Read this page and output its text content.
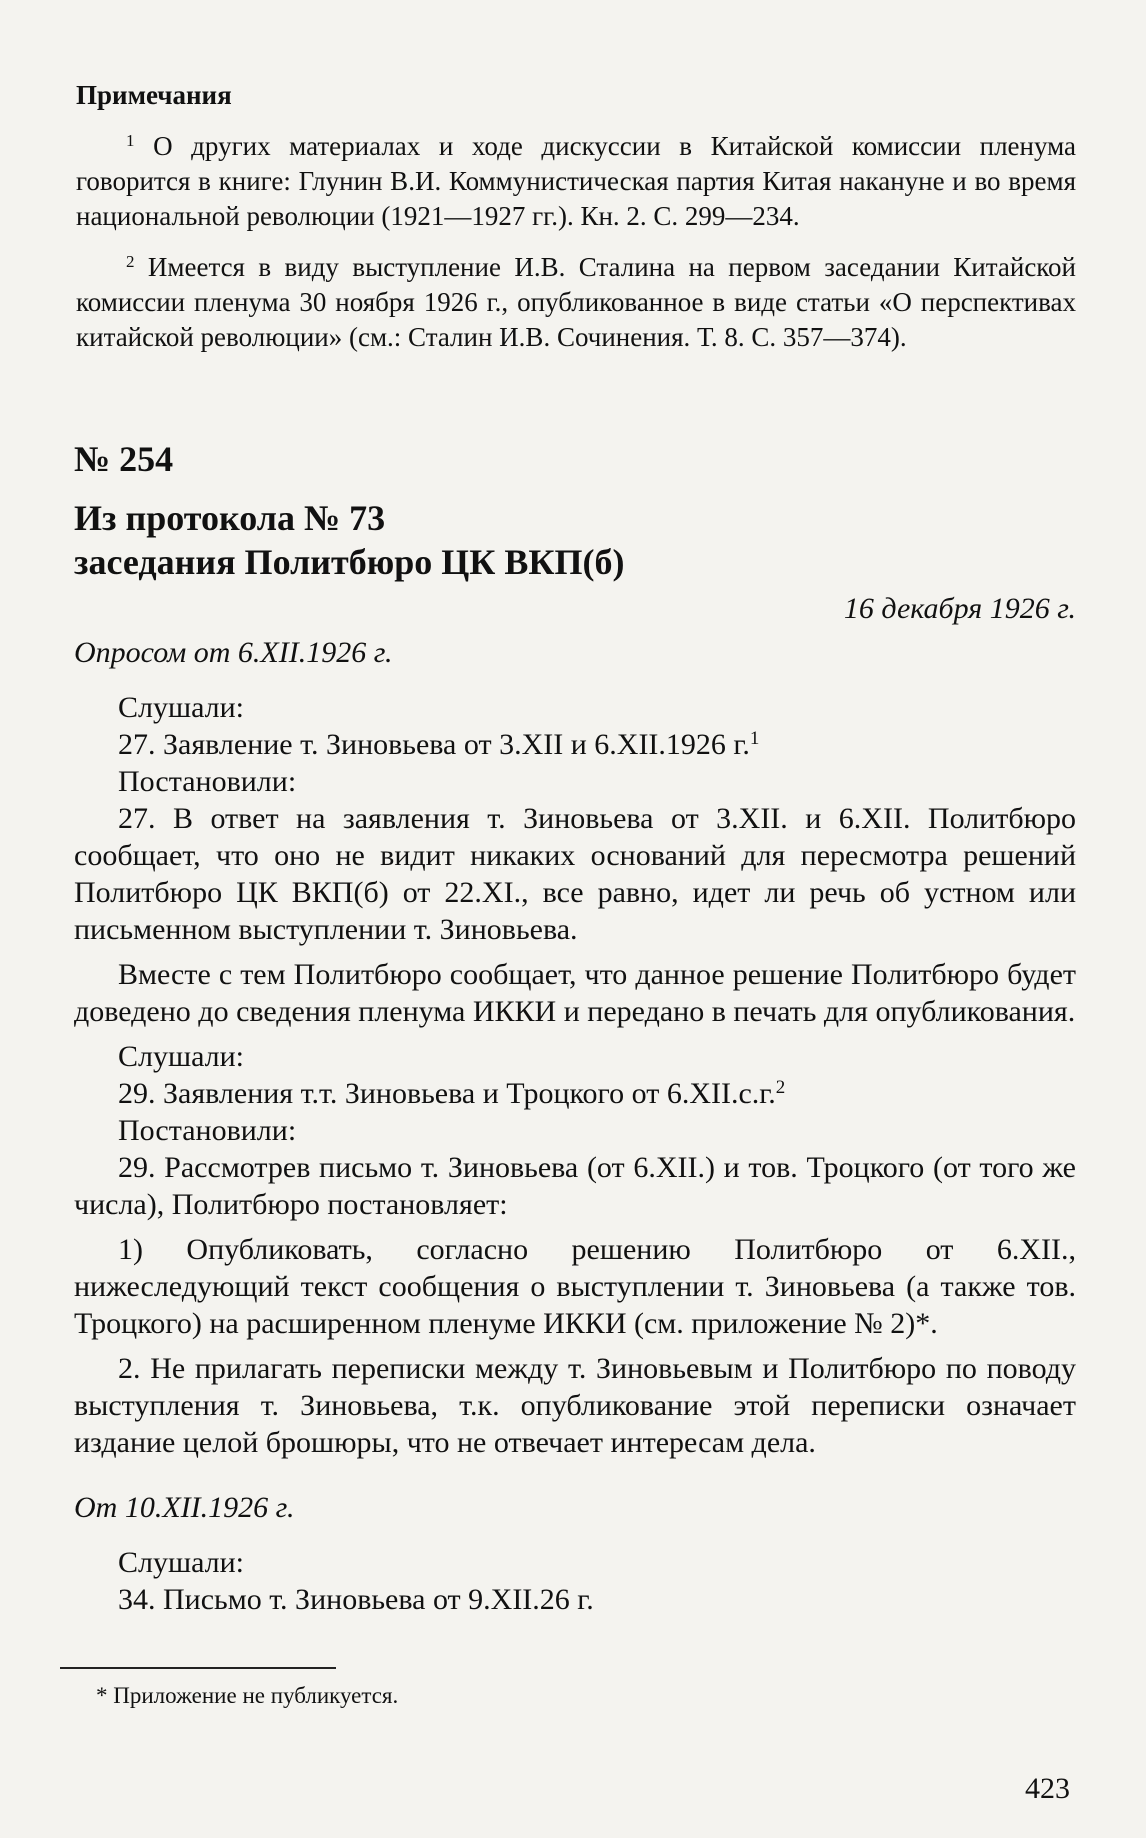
Примечания

$^1$ О других материалах и ходе дискуссии в Китайской комиссии пленума говорится в книге: Глунин В.И. Коммунистическая партия Китая накануне и во время национальной революции (1921—1927 гг.). Кн. 2. С. 299—234.

$^2$ Имеется в виду выступление И.В. Сталина на первом заседании Китайской комиссии пленума 30 ноября 1926 г., опубликованное в виде статьи «О перспективах китайской революции» (см.: Сталин И.В. Сочинения. Т. 8. С. 357—374).

№ 254
Из протокола № 73
заседания Политбюро ЦК ВКП(б)

16 декабря 1926 г.

Опросом от 6.XII.1926 г.

Слушали:

27. Заявление т. Зиновьева от 3.XII и 6.XII.1926 г.$^1$

Постановили:

27. В ответ на заявления т. Зиновьева от 3.XII. и 6.XII. Политбюро сообщает, что оно не видит никаких оснований для пересмотра решений Политбюро ЦК ВКП(б) от 22.XI., все равно, идет ли речь об устном или письменном выступлении т. Зиновьева.

Вместе с тем Политбюро сообщает, что данное решение Политбюро будет доведено до сведения пленума ИККИ и передано в печать для опубликования.

Слушали:

29. Заявления т.т. Зиновьева и Троцкого от 6.XII.с.г.$^2$

Постановили:

29. Рассмотрев письмо т. Зиновьева (от 6.XII.) и тов. Троцкого (от того же числа), Политбюро постановляет:

1) Опубликовать, согласно решению Политбюро от 6.XII., нижеследующий текст сообщения о выступлении т. Зиновьева (а также тов. Троцкого) на расширенном пленуме ИККИ (см. приложение № 2)*.

2. Не прилагать переписки между т. Зиновьевым и Политбюро по поводу выступления т. Зиновьева, т.к. опубликование этой переписки означает издание целой брошюры, что не отвечает интересам дела.

От 10.XII.1926 г.

Слушали:

34. Письмо т. Зиновьева от 9.XII.26 г.

* Приложение не публикуется.

423
